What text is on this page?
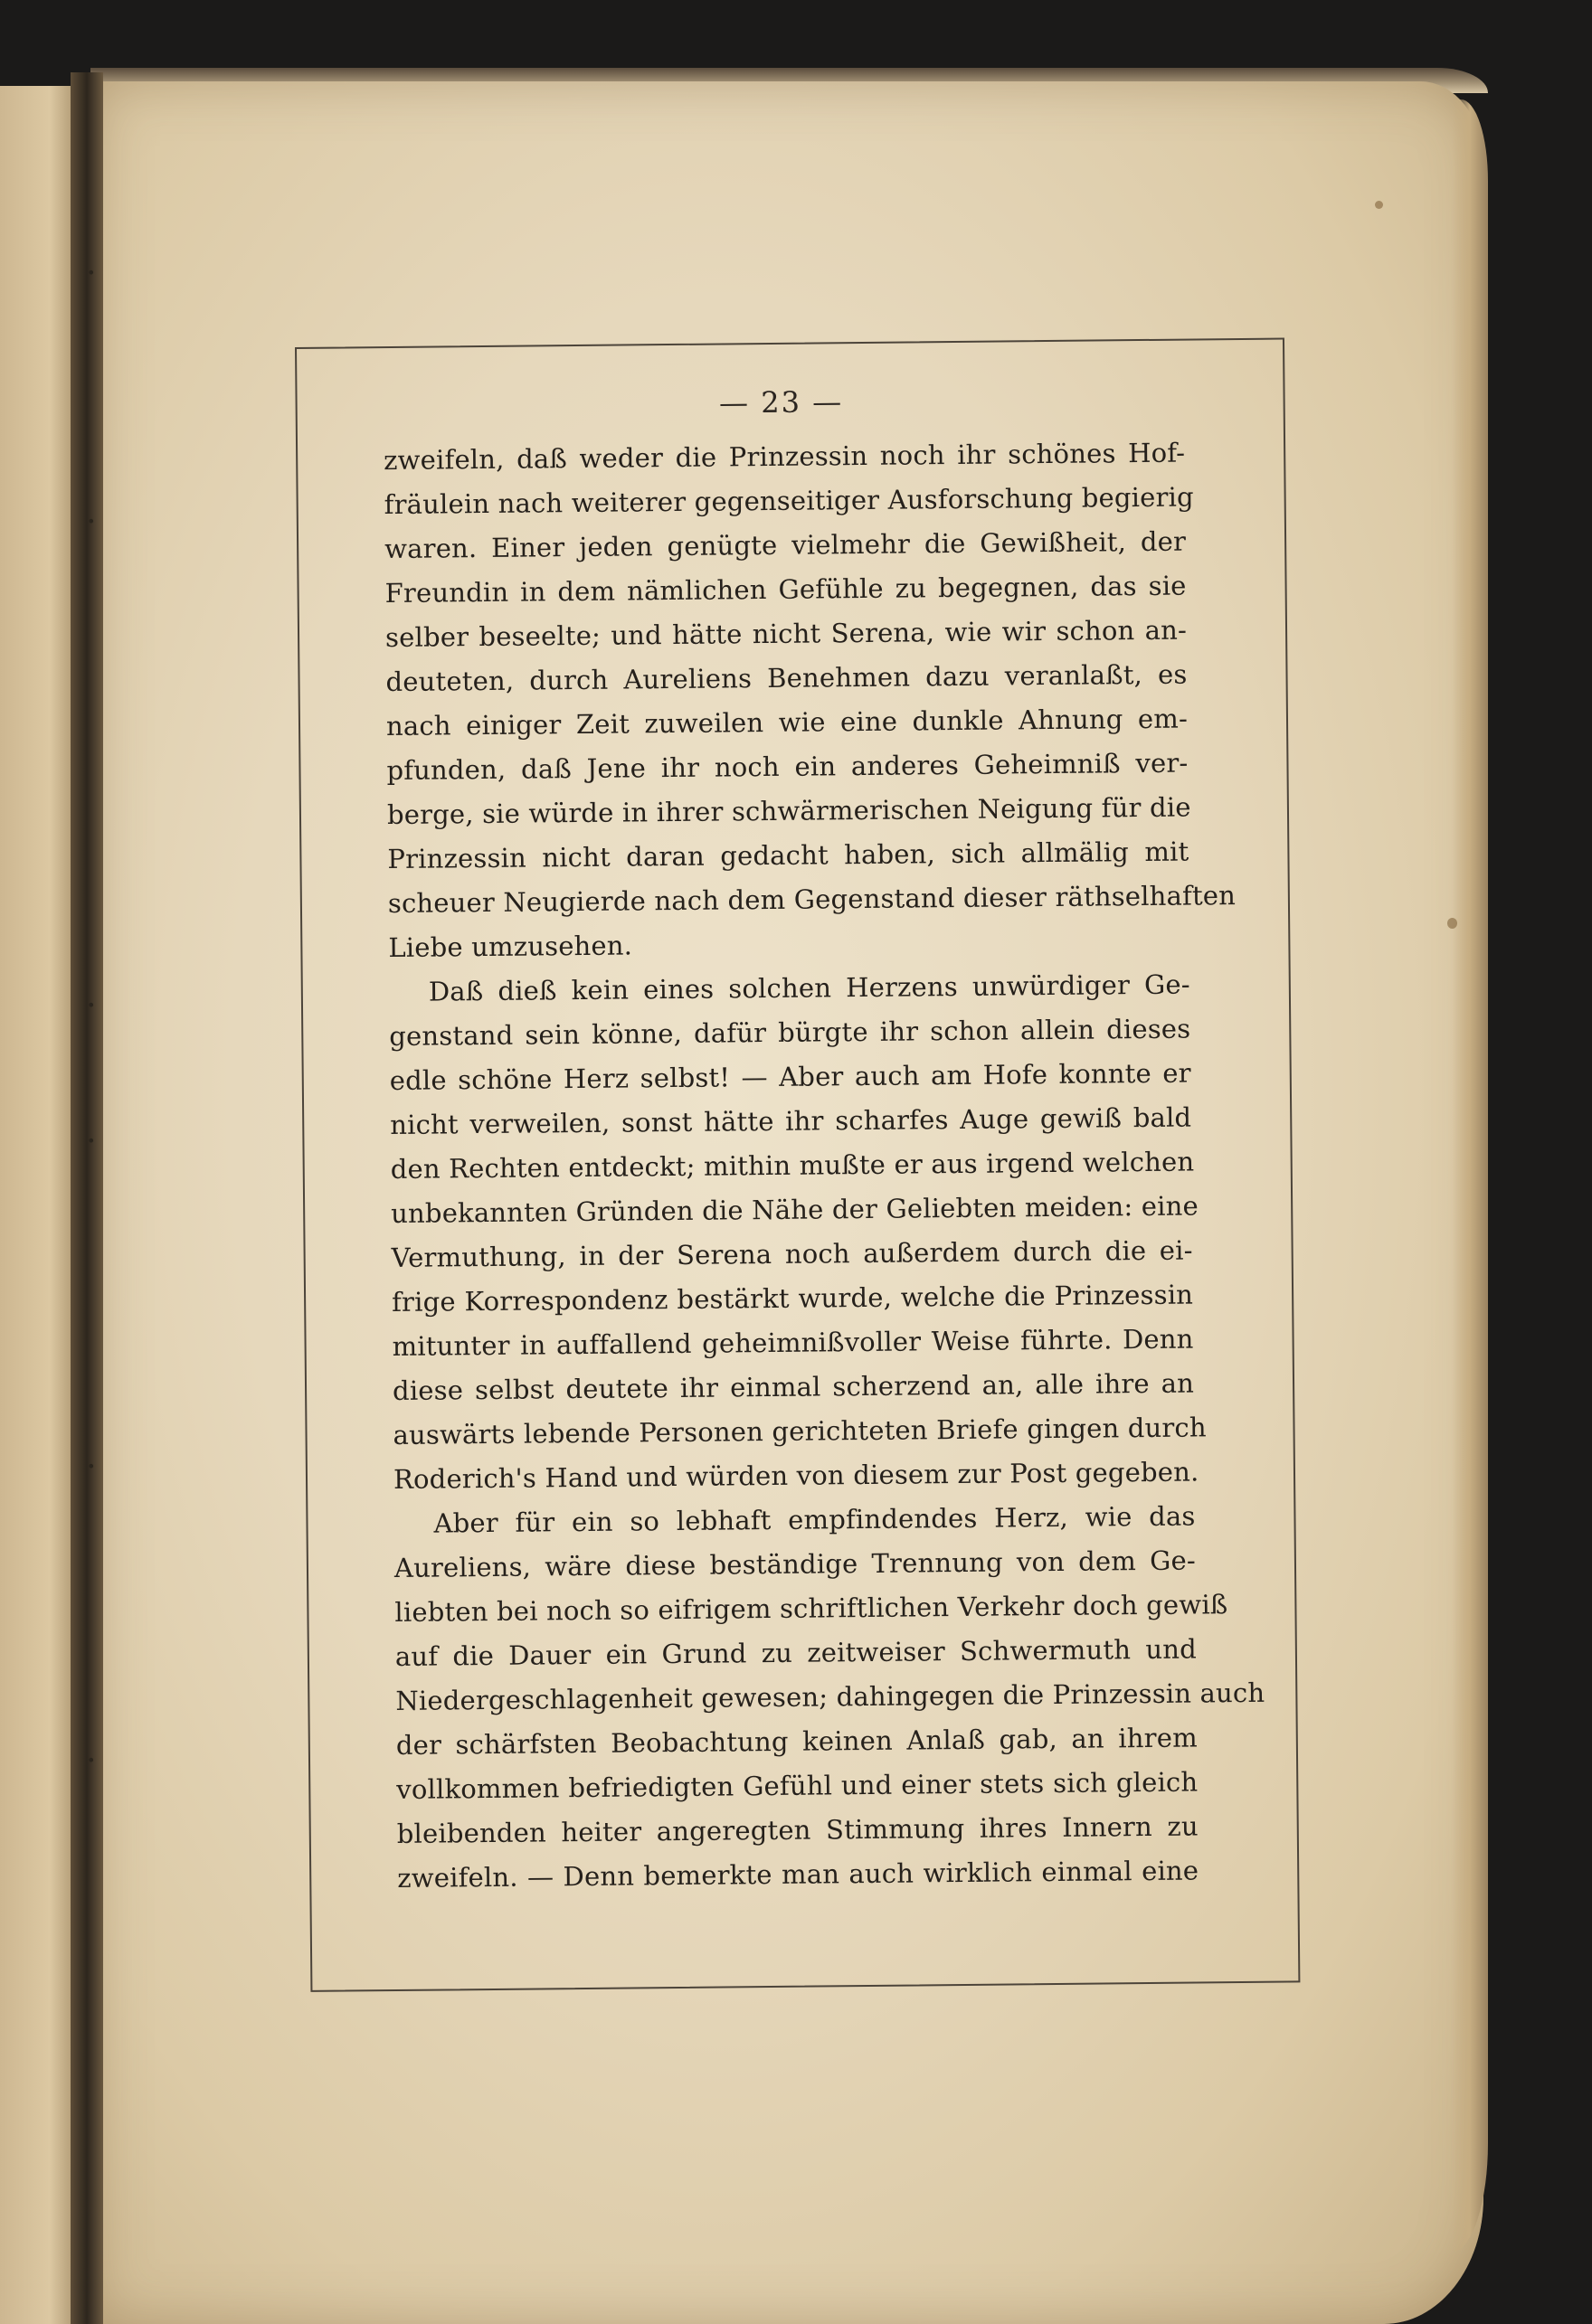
•
•
•
•
•
•
— 23 —
zweifeln, daß weder die Prinzessin noch ihr schönes Hof-
fräulein nach weiterer gegenseitiger Ausforschung begierig
waren. Einer jeden genügte vielmehr die Gewißheit, der
Freundin in dem nämlichen Gefühle zu begegnen, das sie
selber beseelte; und hätte nicht Serena, wie wir schon an-
deuteten, durch Aureliens Benehmen dazu veranlaßt, es
nach einiger Zeit zuweilen wie eine dunkle Ahnung em-
pfunden, daß Jene ihr noch ein anderes Geheimniß ver-
berge, sie würde in ihrer schwärmerischen Neigung für die
Prinzessin nicht daran gedacht haben, sich allmälig mit
scheuer Neugierde nach dem Gegenstand dieser räthselhaften
Liebe umzusehen.
Daß dieß kein eines solchen Herzens unwürdiger Ge-
genstand sein könne, dafür bürgte ihr schon allein dieses
edle schöne Herz selbst! — Aber auch am Hofe konnte er
nicht verweilen, sonst hätte ihr scharfes Auge gewiß bald
den Rechten entdeckt; mithin mußte er aus irgend welchen
unbekannten Gründen die Nähe der Geliebten meiden: eine
Vermuthung, in der Serena noch außerdem durch die ei-
frige Korrespondenz bestärkt wurde, welche die Prinzessin
mitunter in auffallend geheimnißvoller Weise führte. Denn
diese selbst deutete ihr einmal scherzend an, alle ihre an
auswärts lebende Personen gerichteten Briefe gingen durch
Roderich's Hand und würden von diesem zur Post gegeben.
Aber für ein so lebhaft empfindendes Herz, wie das
Aureliens, wäre diese beständige Trennung von dem Ge-
liebten bei noch so eifrigem schriftlichen Verkehr doch gewiß
auf die Dauer ein Grund zu zeitweiser Schwermuth und
Niedergeschlagenheit gewesen; dahingegen die Prinzessin auch
der schärfsten Beobachtung keinen Anlaß gab, an ihrem
vollkommen befriedigten Gefühl und einer stets sich gleich
bleibenden heiter angeregten Stimmung ihres Innern zu
zweifeln. — Denn bemerkte man auch wirklich einmal eine
